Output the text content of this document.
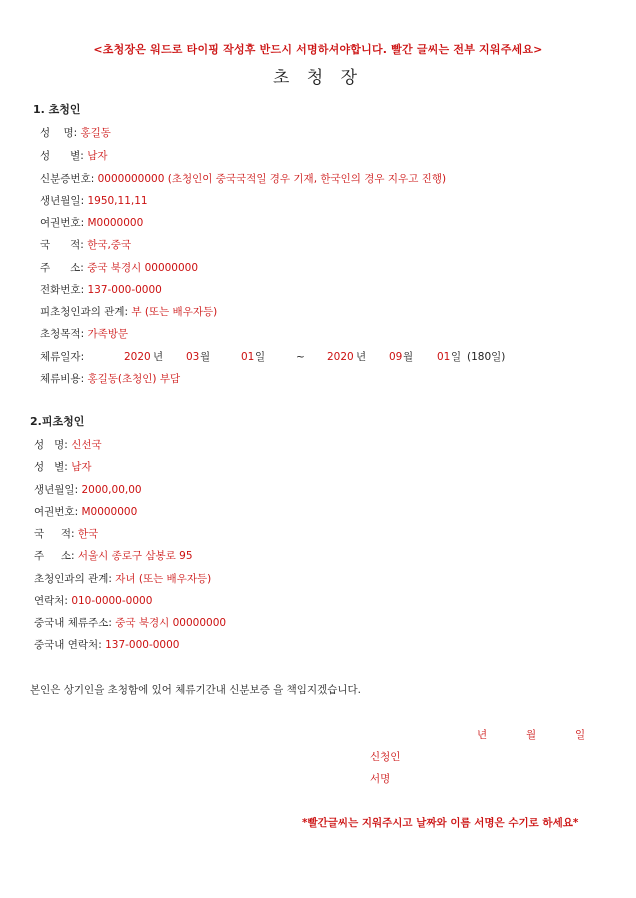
<초청장은 워드로 타이핑 작성후 반드시 서명하셔야합니다. 빨간 글씨는 전부 지워주세요>
초 청 장
1. 초청인
성    명: 홍길동
성      별: 남자
신분증번호: 0000000000 (초청인이 중국국적일 경우 기재, 한국인의 경우 지우고 진행)
생년월일: 1950,11,11
여권번호: M0000000
국      적: 한국,중국
주      소: 중국 북경시 00000000
전화번호: 137-000-0000
피초청인과의 관계: 부 (또는 배우자등)
초청목적: 가족방문
체류일자:	2020 년 03 월	01 일	~ 2020 년 09 월 01 일 (180일)
체류비용: 홍길동(초청인) 부담
2.피초청인
성   명: 신선국
성   별: 남자
생년월일: 2000,00,00
여권번호: M0000000
국     적: 한국
주     소: 서울시 종로구 삼봉로 95
초청인과의 관계: 자녀 (또는 배우자등)
연락처: 010-0000-0000
중국내 체류주소: 중국 북경시 00000000
중국내 연락처: 137-000-0000
본인은 상기인을 초청함에 있어 체류기간내 신분보증 을 책임지겠습니다.
년	월	일
신청인
서명
*빨간글씨는 지워주시고 날짜와 이름 서명은 수기로 하세요*
